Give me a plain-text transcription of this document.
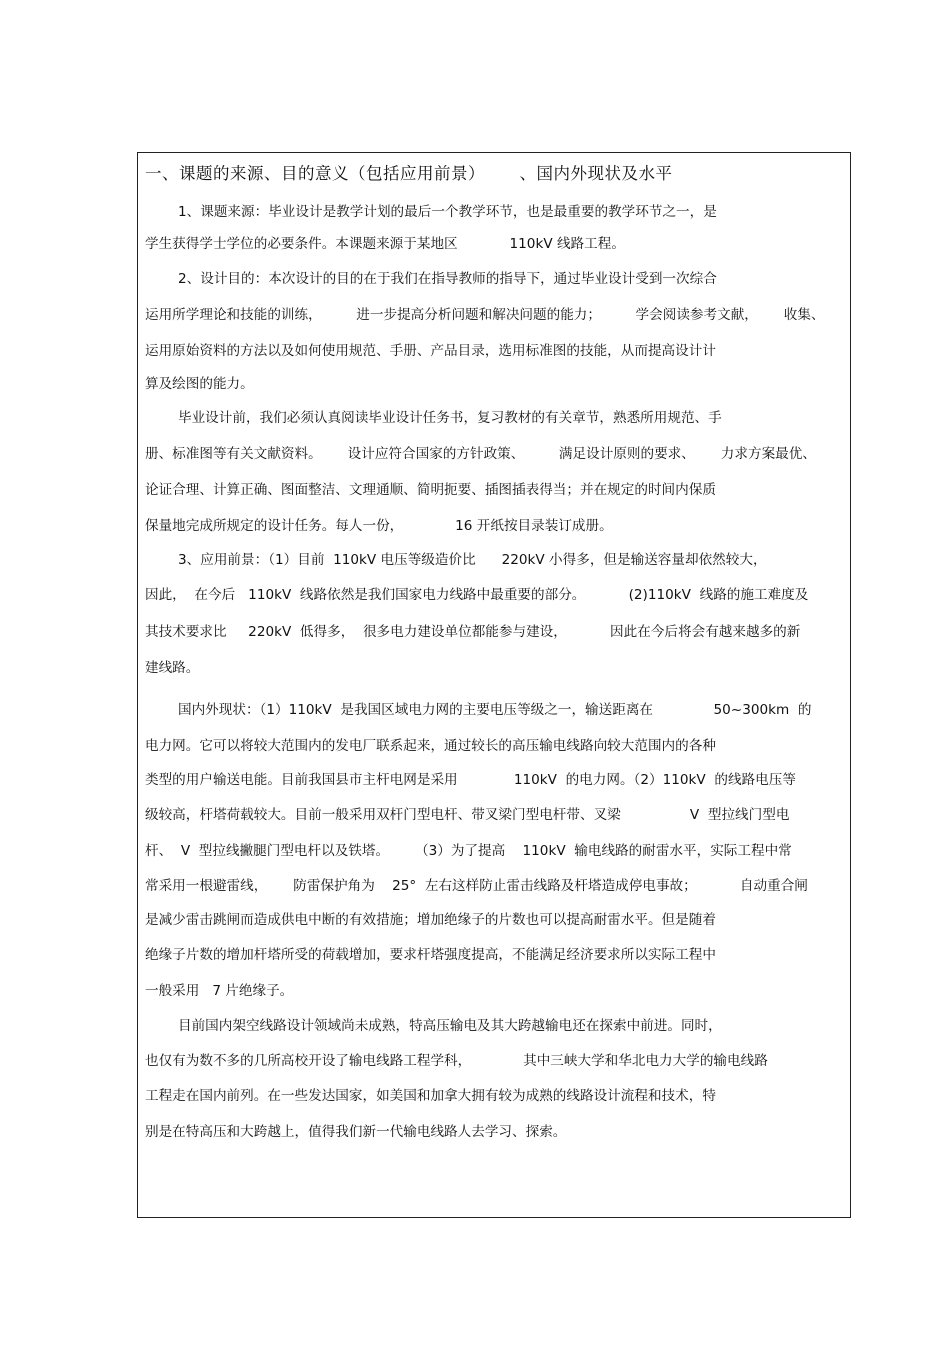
一、课题的来源、目的意义（包括应用前景）      、国内外现状及水平
1、课题来源：毕业设计是教学计划的最后一个教学环节，也是最重要的教学环节之一，是
学生获得学士学位的必要条件。本课题来源于某地区            110kV 线路工程。
2、设计目的：本次设计的目的在于我们在指导教师的指导下，通过毕业设计受到一次综合
运用所学理论和技能的训练，        进一步提高分析问题和解决问题的能力；        学会阅读参考文献，      收集、
运用原始资料的方法以及如何使用规范、手册、产品目录，选用标准图的技能，从而提高设计计
算及绘图的能力。
毕业设计前，我们必须认真阅读毕业设计任务书，复习教材的有关章节，熟悉所用规范、手
册、标准图等有关文献资料。      设计应符合国家的方针政策、        满足设计原则的要求、      力求方案最优、
论证合理、计算正确、图面整洁、文理通顺、简明扼要、插图插表得当；并在规定的时间内保质
保量地完成所规定的设计任务。每人一份，            16 开纸按目录装订成册。
3、应用前景：（1）目前  110kV 电压等级造价比      220kV 小得多，但是输送容量却依然较大，
因此，  在今后   110kV  线路依然是我们国家电力线路中最重要的部分。          (2)110kV  线路的施工难度及
其技术要求比     220kV  低得多，  很多电力建设单位都能参与建设，          因此在今后将会有越来越多的新
建线路。
国内外现状：（1）110kV  是我国区域电力网的主要电压等级之一，输送距离在              50~300km  的
电力网。它可以将较大范围内的发电厂联系起来，通过较长的高压输电线路向较大范围内的各种
类型的用户输送电能。目前我国县市主杆电网是采用             110kV  的电力网。（2）110kV  的线路电压等
级较高，杆塔荷载较大。目前一般采用双杆门型电杆、带叉梁门型电杆带、叉梁                V  型拉线门型电
杆、  V  型拉线撇腿门型电杆以及铁塔。      （3）为了提高    110kV  输电线路的耐雷水平，实际工程中常
常采用一根避雷线，      防雷保护角为    25°  左右这样防止雷击线路及杆塔造成停电事故；          自动重合闸
是减少雷击跳闸而造成供电中断的有效措施；增加绝缘子的片数也可以提高耐雷水平。但是随着
绝缘子片数的增加杆塔所受的荷载增加，要求杆塔强度提高，不能满足经济要求所以实际工程中
一般采用   7 片绝缘子。
目前国内架空线路设计领域尚未成熟，特高压输电及其大跨越输电还在探索中前进。同时，
也仅有为数不多的几所高校开设了输电线路工程学科，            其中三峡大学和华北电力大学的输电线路
工程走在国内前列。在一些发达国家，如美国和加拿大拥有较为成熟的线路设计流程和技术，特
别是在特高压和大跨越上，值得我们新一代输电线路人去学习、探索。
